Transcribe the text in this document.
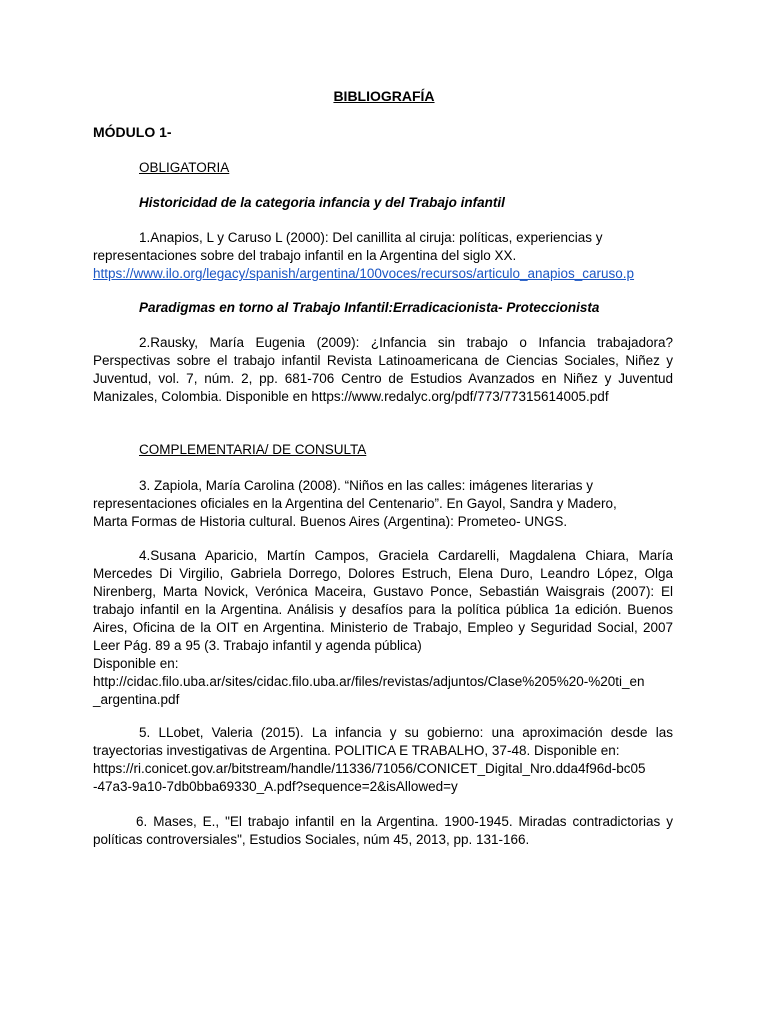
BIBLIOGRAFÍA
MÓDULO 1-
OBLIGATORIA
Historicidad de la categoria infancia y del Trabajo infantil
1.Anapios, L y Caruso L (2000): Del canillita al ciruja: políticas, experiencias y
representaciones sobre del trabajo infantil en la Argentina del siglo XX.
https://www.ilo.org/legacy/spanish/argentina/100voces/recursos/articulo_anapios_caruso.p
Paradigmas en torno al Trabajo Infantil:Erradicacionista- Proteccionista
2.Rausky, María Eugenia (2009): ¿Infancia sin trabajo o Infancia trabajadora? Perspectivas sobre el trabajo infantil Revista Latinoamericana de Ciencias Sociales, Niñez y Juventud, vol. 7, núm. 2, pp. 681-706 Centro de Estudios Avanzados en Niñez y Juventud Manizales, Colombia. Disponible en https://www.redalyc.org/pdf/773/77315614005.pdf
COMPLEMENTARIA/ DE CONSULTA
3. Zapiola, María Carolina (2008). “Niños en las calles: imágenes literarias y
representaciones oficiales en la Argentina del Centenario”. En Gayol, Sandra y Madero,
Marta Formas de Historia cultural. Buenos Aires (Argentina): Prometeo- UNGS.
4.Susana Aparicio, Martín Campos, Graciela Cardarelli, Magdalena Chiara, María Mercedes Di Virgilio, Gabriela Dorrego, Dolores Estruch, Elena Duro, Leandro López, Olga Nirenberg, Marta Novick, Verónica Maceira, Gustavo Ponce, Sebastián Waisgrais (2007): El trabajo infantil en la Argentina. Análisis y desafíos para la política pública 1a edición. Buenos Aires, Oficina de la OIT en Argentina. Ministerio de Trabajo, Empleo y Seguridad Social, 2007 Leer Pág. 89 a 95 (3. Trabajo infantil y agenda pública)
Disponible en:
http://cidac.filo.uba.ar/sites/cidac.filo.uba.ar/files/revistas/adjuntos/Clase%205%20-%20ti_en
_argentina.pdf
5. LLobet, Valeria (2015). La infancia y su gobierno: una aproximación desde las trayectorias investigativas de Argentina. POLITICA E TRABALHO, 37-48. Disponible en:
https://ri.conicet.gov.ar/bitstream/handle/11336/71056/CONICET_Digital_Nro.dda4f96d-bc05
-47a3-9a10-7db0bba69330_A.pdf?sequence=2&isAllowed=y
6. Mases, E., "El trabajo infantil en la Argentina. 1900-1945. Miradas contradictorias y políticas controversiales", Estudios Sociales, núm 45, 2013, pp. 131-166.
